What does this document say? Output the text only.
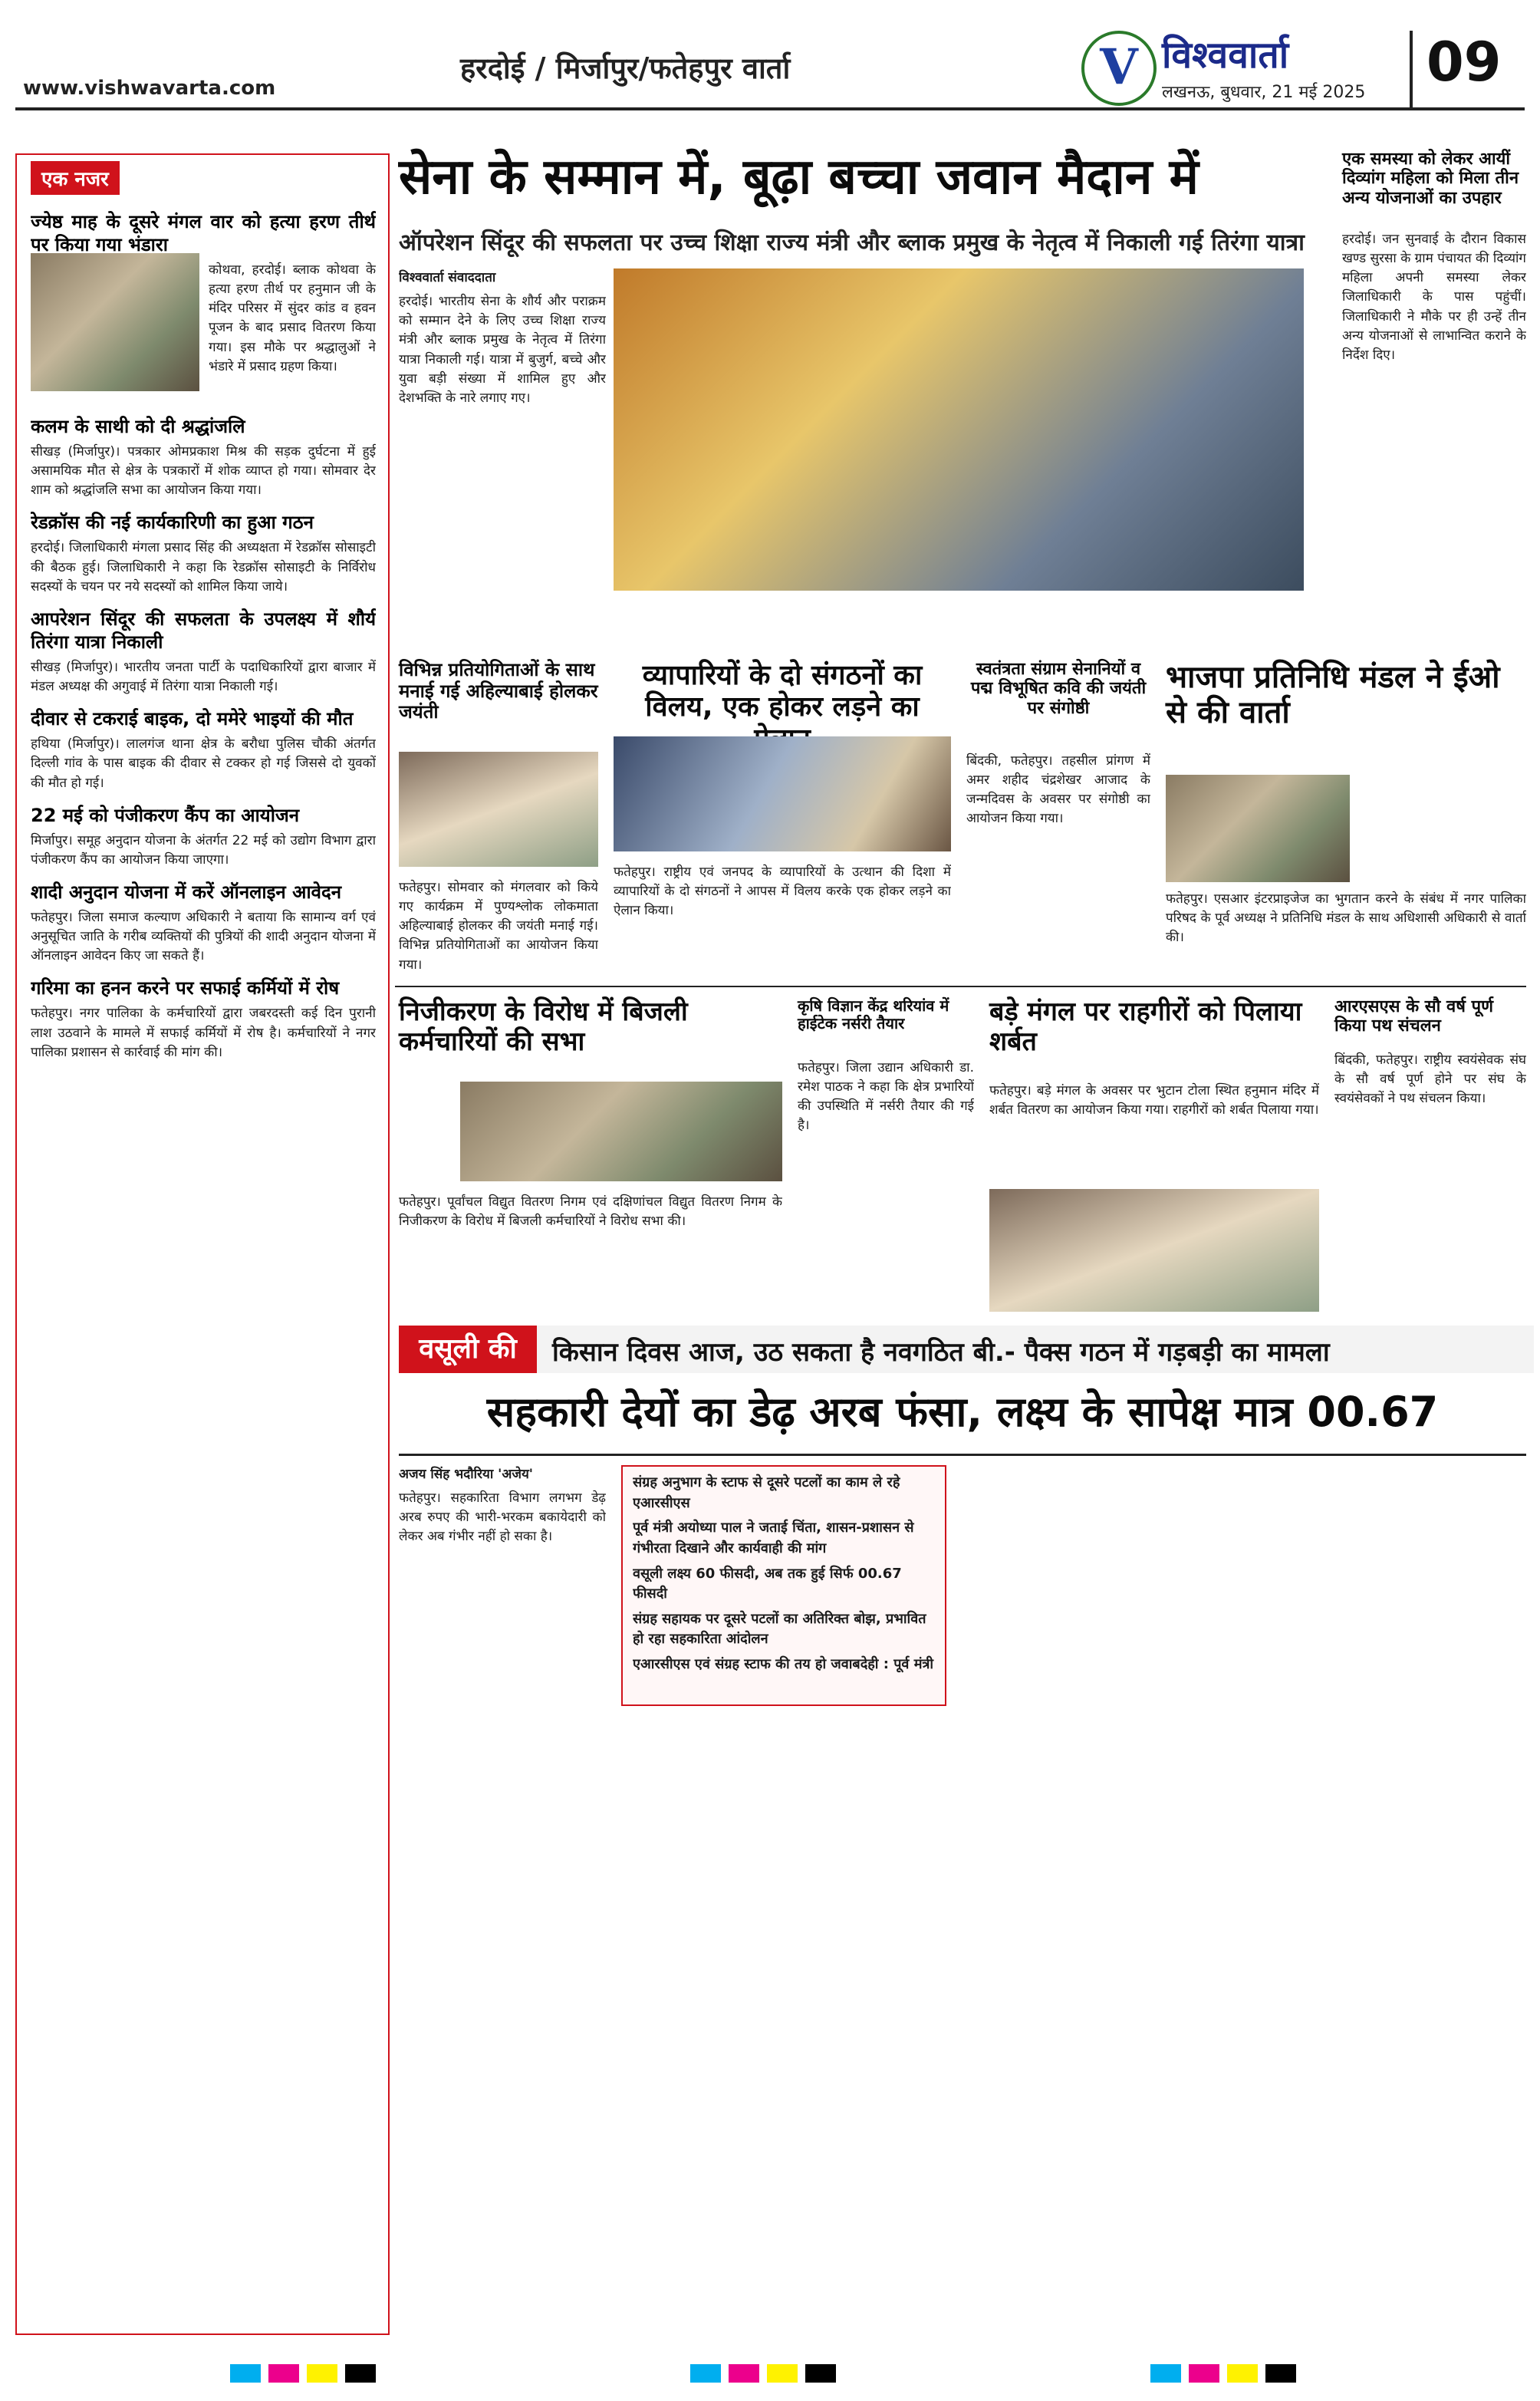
हरदोई / मिर्जापुर/फतेहपुर वार्ता
www.vishwavarta.com	V विश्ववार्ता
लखनऊ, बुधवार, 21 मई 2025 09
एक नजर
ज्येष्ठ माह के दूसरे मंगल वार को हत्या हरण तीर्थ पर किया गया भंडारा

कोथवा, हरदोई। ब्लाक कोथवा के हत्या हरण तीर्थ पर हनुमान जी के मंदिर परिसर में सुंदर कांड व हवन पूजन के बाद प्रसाद वितरण किया गया। इस मौके पर श्रद्धालुओं ने भंडारे में प्रसाद ग्रहण किया।

कलम के साथी को दी श्रद्धांजलि

सीखड़ (मिर्जापुर)। पत्रकार ओमप्रकाश मिश्र की सड़क दुर्घटना में हुई असामयिक मौत से क्षेत्र के पत्रकारों में शोक व्याप्त हो गया। सोमवार देर शाम को श्रद्धांजलि सभा का आयोजन किया गया।

रेडक्रॉस की नई कार्यकारिणी का हुआ गठन

हरदोई। जिलाधिकारी मंगला प्रसाद सिंह की अध्यक्षता में रेडक्रॉस सोसाइटी की बैठक हुई। जिलाधिकारी ने कहा कि रेडक्रॉस सोसाइटी के निर्विरोध सदस्यों के चयन पर नये सदस्यों को शामिल किया जाये।

आपरेशन सिंदूर की सफलता के उपलक्ष्य में शौर्य तिरंगा यात्रा निकाली

सीखड़ (मिर्जापुर)। भारतीय जनता पार्टी के पदाधिकारियों द्वारा बाजार में मंडल अध्यक्ष की अगुवाई में तिरंगा यात्रा निकाली गई।

दीवार से टकराई बाइक, दो ममेरे भाइयों की मौत

हथिया (मिर्जापुर)। लालगंज थाना क्षेत्र के बरौधा पुलिस चौकी अंतर्गत दिल्ली गांव के पास बाइक की दीवार से टक्कर हो गई जिससे दो युवकों की मौत हो गई।

22 मई को पंजीकरण कैंप का आयोजन

मिर्जापुर। समूह अनुदान योजना के अंतर्गत 22 मई को उद्योग विभाग द्वारा पंजीकरण कैंप का आयोजन किया जाएगा।

शादी अनुदान योजना में करें ऑनलाइन आवेदन

फतेहपुर। जिला समाज कल्याण अधिकारी ने बताया कि सामान्य वर्ग एवं अनुसूचित जाति के गरीब व्यक्तियों की पुत्रियों की शादी अनुदान योजना में ऑनलाइन आवेदन किए जा सकते हैं।

गरिमा का हनन करने पर सफाई कर्मियों में रोष

फतेहपुर। नगर पालिका के कर्मचारियों द्वारा जबरदस्ती कई दिन पुरानी लाश उठवाने के मामले में सफाई कर्मियों में रोष है। कर्मचारियों ने नगर पालिका प्रशासन से कार्रवाई की मांग की।

सेना के सम्मान में, बूढ़ा बच्चा जवान मैदान में
ऑपरेशन सिंदूर की सफलता पर उच्च शिक्षा राज्य मंत्री और ब्लाक प्रमुख के नेतृत्व में निकाली गई तिरंगा यात्रा

विश्ववार्ता संवाददाता

हरदोई। भारतीय सेना के शौर्य और पराक्रम को सम्मान देने के लिए उच्च शिक्षा राज्य मंत्री और ब्लाक प्रमुख के नेतृत्व में तिरंगा यात्रा निकाली गई। यात्रा में बुजुर्ग, बच्चे और युवा बड़ी संख्या में शामिल हुए और देशभक्ति के नारे लगाए गए।

एक समस्या को लेकर आयीं दिव्यांग महिला को मिला तीन अन्य योजनाओं का उपहार

हरदोई। जन सुनवाई के दौरान विकास खण्ड सुरसा के ग्राम पंचायत की दिव्यांग महिला अपनी समस्या लेकर जिलाधिकारी के पास पहुंचीं। जिलाधिकारी ने मौके पर ही उन्हें तीन अन्य योजनाओं से लाभान्वित कराने के निर्देश दिए।

विभिन्न प्रतियोगिताओं के साथ मनाई गई अहिल्याबाई होलकर जयंती

फतेहपुर। सोमवार को मंगलवार को किये गए कार्यक्रम में पुण्यश्लोक लोकमाता अहिल्याबाई होलकर की जयंती मनाई गई। विभिन्न प्रतियोगिताओं का आयोजन किया गया।

व्यापारियों के दो संगठनों का विलय, एक होकर लड़ने का

फतेहपुर। राष्ट्रीय एवं जनपद के व्यापारियों के उत्थान की दिशा में व्यापारियों के दो संगठनों ने आपस में विलय करके एक होकर लड़ने का ऐलान किया।

स्वतंत्रता संग्राम सेनानियों व पद्म विभूषित कवि की जयंती पर संगोष्ठी

बिंदकी, फतेहपुर। तहसील प्रांगण में अमर शहीद चंद्रशेखर आजाद के जन्मदिवस के अवसर पर संगोष्ठी का आयोजन किया गया।

भाजपा प्रतिनिधि मंडल ने ईओ से की वार्ता

फतेहपुर। एसआर इंटरप्राइजेज का भुगतान करने के संबंध में नगर पालिका परिषद के पूर्व अध्यक्ष ने प्रतिनिधि मंडल के साथ अधिशासी अधिकारी से वार्ता की।

निजीकरण के विरोध में बिजली कर्मचारियों की सभा

फतेहपुर। पूर्वांचल विद्युत वितरण निगम एवं दक्षिणांचल विद्युत वितरण निगम के निजीकरण के विरोध में बिजली कर्मचारियों ने विरोध सभा की।

कृषि विज्ञान केंद्र थरियांव में हाईटेक नर्सरी तैयार

फतेहपुर। जिला उद्यान अधिकारी डा. रमेश पाठक ने कहा कि क्षेत्र प्रभारियों की उपस्थिति में नर्सरी तैयार की गई है।

बड़े मंगल पर राहगीरों को पिलाया शर्बत

फतेहपुर। बड़े मंगल के अवसर पर भुटान टोला स्थित हनुमान मंदिर में शर्बत वितरण का आयोजन किया गया। राहगीरों को शर्बत पिलाया गया।

आरएसएस के सौ वर्ष पूर्ण किया पथ संचलन

बिंदकी, फतेहपुर। राष्ट्रीय स्वयंसेवक संघ के सौ वर्ष पूर्ण होने पर संघ के स्वयंसेवकों ने पथ संचलन किया।

वसूली की	किसान दिवस आज, उठ सकता है नवगठित बी.- पैक्स गठन में गड़बड़ी का मामला
सहकारी देयों का डेढ़ अरब फंसा, लक्ष्य के सापेक्ष मात्र 00.67

अजय सिंह भदौरिया 'अजेय'

फतेहपुर। सहकारिता विभाग लगभग डेढ़ अरब रुपए की भारी-भरकम बकायेदारी को लेकर अब गंभीर नहीं हो सका है।

संग्रह अनुभाग के स्टाफ से दूसरे पटलों का काम ले रहे एआरसीएस

पूर्व मंत्री अयोध्या पाल ने जताई चिंता, शासन-प्रशासन से गंभीरता दिखाने और कार्यवाही की मांग

वसूली लक्ष्य 60 फीसदी, अब तक हुई सिर्फ 00.67 फीसदी

संग्रह सहायक पर दूसरे पटलों का अतिरिक्त बोझ, प्रभावित हो रहा सहकारिता आंदोलन

एआरसीएस एवं संग्रह स्टाफ की तय हो जवाबदेही : पूर्व मंत्री
